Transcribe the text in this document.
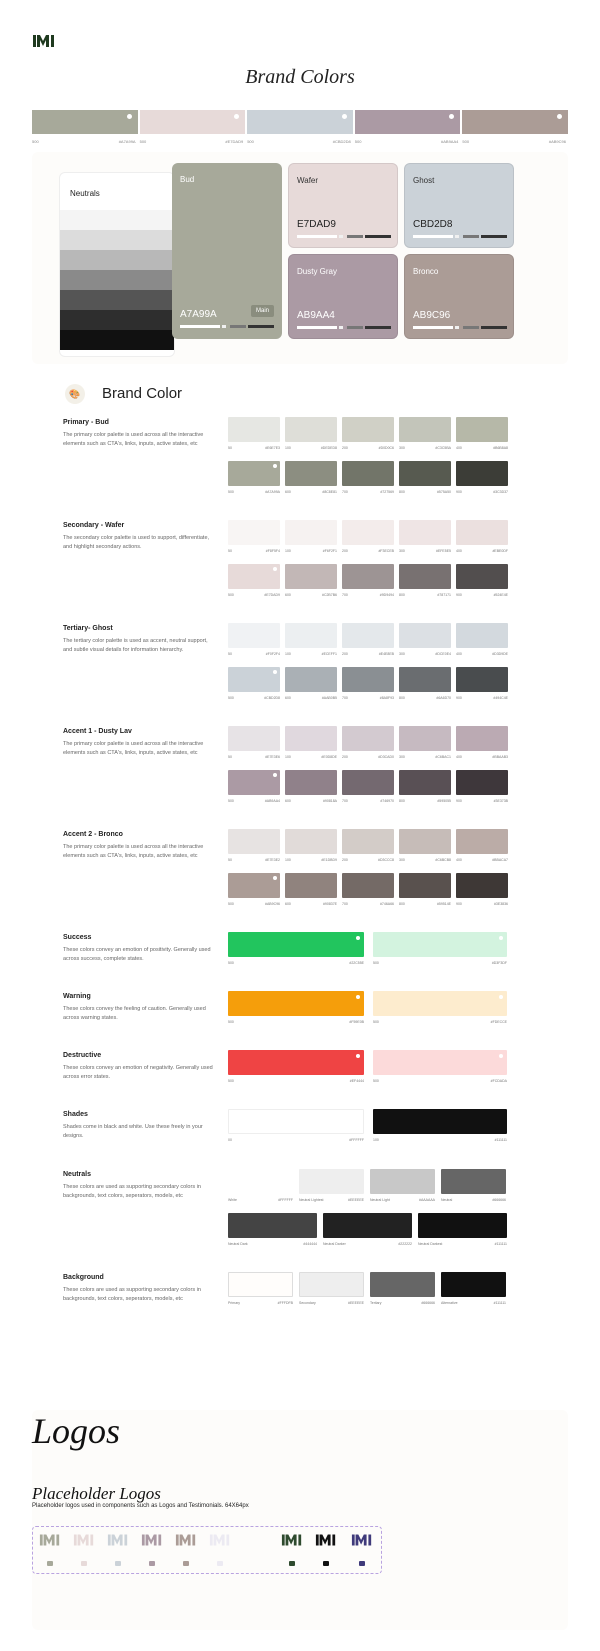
Brand Colors
500	#A7A99A 500	#E7DAD9 500	#CBD2D8 500	#AB9AA4 500	#AB9C96
Neutrals
Bud
A7A99A	Main
Wafer
E7DAD9
Ghost
CBD2D8
Dusty Gray
AB9AA4
Bronco
AB9C96
🎨 Brand Color
Primary - Bud
The primary color palette is used across all the interactive elements such as CTA's, links, inputs, active states, etc
50	#E6E7E3 100	#DEDED8 200	#D0D0C6 300	#C3C5BA 400	#B6B8A8
500	#A7A99A 600	#8C8E81 700	#727569 800	#575A50 900	#3C3D37
Secondary - Wafer
The secondary color palette is used to support, differentiate, and highlight secondary actions.
50	#F8F5F4 100	#F6F2F1 200	#F3ECEB 300	#EFE5E5 400	#EBE0DF
500	#E7DAD9 600	#C2B7B6 700	#9D9494 800	#787171 900	#524E4E
Tertiary- Ghost
The tertiary color palette is used as accent, neutral support, and subtle visual details for information hierarchy.
50	#F0F2F4 100	#ECEFF1 200	#E4E8EB 300	#DCE0E4 400	#D3D9DE
500	#CBD2D8 600	#AAB0B5 700	#8A8F93 800	#6A6D70 900	#494C4E
Accent 1 - Dusty Lav
The primary color palette is used across all the interactive elements such as CTA's, links, inputs, active states, etc
50	#E7E3E6 100	#E0D8DE 200	#D3CAD0 300	#C6BAC1 400	#BBAAB3
500	#AB9AA4 600	#90818A 700	#746970 800	#595055 900	#3E373B
Accent 2 - Bronco
The primary color palette is used across all the interactive elements such as CTA's, links, inputs, active states, etc
50	#E7E3E2 100	#E1DBD9 200	#D3CCC8 300	#C6BCB8 400	#BBACA7
500	#AB9C96 600	#90837E 700	#746A66 800	#59514E 900	#3E3836
Success
These colors convey an emotion of positivity. Generally used across success, complete states.
500	#22C55E	500	#D3F3DF
Warning
These colors convey the feeling of caution. Generally used across warning states.
500	#F59E0B	500	#FDECCE
Destructive
These colors convey an emotion of negativity. Generally used across error states.
500	#EF4444	500	#FCDADA
Shades
Shades come in black and white. Use these freely in your designs.
00	#FFFFFF	100	#111111
Neutrals
These colors are used as supporting secondary colors in backgrounds, text colors, seperators, models, etc
White	#FFFFFF Neutral Lightest	#EEEEEE Neutral Light	#AAAAAA Neutral	#666666
Neutral Dark	#444444 Neutral Darker	#222222 Neutral Darkest	#111111
Background
These colors are used as supporting secondary colors in backgrounds, text colors, seperators, models, etc
Primary	#FFFDFB Secondary	#EEEEEE Tertiary	#666666 Alternative	#111111
Logos
Placeholder Logos
Placeholder logos used in components such as Logos and Testimonials. 64X64px
